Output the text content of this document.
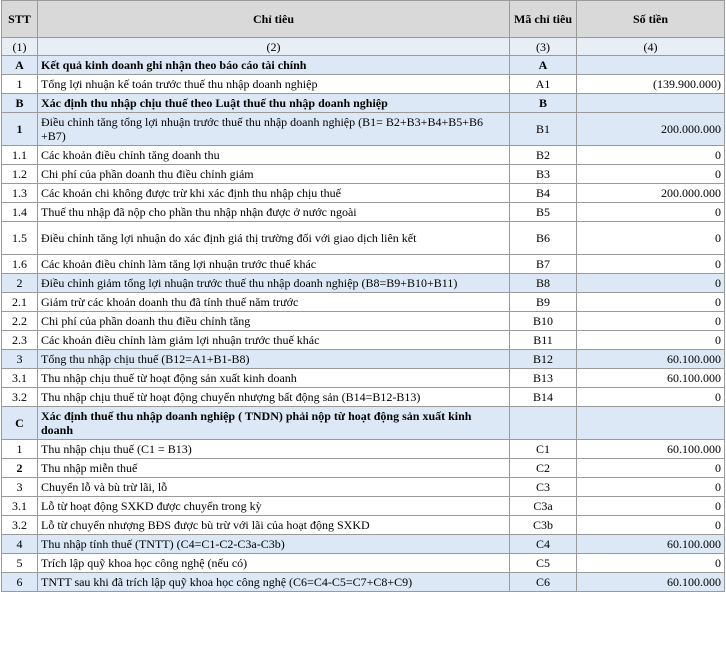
STT	Chỉ tiêu	Mã chỉ tiêu	Số tiền
(1)	(2)	(3)	(4)
A	Kết quả kinh doanh ghi nhận theo báo cáo tài chính	A	
1	Tổng lợi nhuận kế toán trước thuế thu nhập doanh nghiệp	A1	(139.900.000)
B	Xác định thu nhập chịu thuế theo Luật thuế thu nhập doanh nghiệp	B	
1	Điều chỉnh tăng tổng lợi nhuận trước thuế thu nhập doanh nghiệp (B1= B2+B3+B4+B5+B6 +B7)	B1	200.000.000
1.1	Các khoản điều chỉnh tăng doanh thu	B2	0
1.2	Chi phí của phần doanh thu điều chỉnh giảm	B3	0
1.3	Các khoản chi không được trừ khi xác định thu nhập chịu thuế	B4	200.000.000
1.4	Thuế thu nhập đã nộp cho phần thu nhập nhận được ở nước ngoài	B5	0
1.5	Điều chỉnh tăng lợi nhuận do xác định giá thị trường đối với giao dịch liên kết	B6	0
1.6	Các khoản điều chỉnh làm tăng lợi nhuận trước thuế khác	B7	0
2	Điều chỉnh giảm tổng lợi nhuận trước thuế thu nhập doanh nghiệp (B8=B9+B10+B11)	B8	0
2.1	Giảm trừ các khoản doanh thu đã tính thuế năm trước	B9	0
2.2	Chi phí của phần doanh thu điều chỉnh tăng	B10	0
2.3	Các khoản điều chỉnh làm giảm lợi nhuận trước thuế khác	B11	0
3	Tổng thu nhập chịu thuế (B12=A1+B1-B8)	B12	60.100.000
3.1	Thu nhập chịu thuế từ hoạt động sản xuất kinh doanh	B13	60.100.000
3.2	Thu nhập chịu thuế từ hoạt động chuyển nhượng bất động sản (B14=B12-B13)	B14	0
C	Xác định thuế thu nhập doanh nghiệp ( TNDN) phải nộp từ hoạt động sản xuất kinh doanh		
1	Thu nhập chịu thuế (C1 = B13)	C1	60.100.000
2	Thu nhập miễn thuế	C2	0
3	Chuyển lỗ và bù trừ lãi, lỗ	C3	0
3.1	Lỗ từ hoạt động SXKD được chuyển trong kỳ	C3a	0
3.2	Lỗ từ chuyển nhượng BĐS được bù trừ với lãi của hoạt động SXKD	C3b	0
4	Thu nhập tính thuế (TNTT) (C4=C1-C2-C3a-C3b)	C4	60.100.000
5	Trích lập quỹ khoa học công nghệ (nếu có)	C5	0
6	TNTT sau khi đã trích lập quỹ khoa học công nghệ (C6=C4-C5=C7+C8+C9)	C6	60.100.000
